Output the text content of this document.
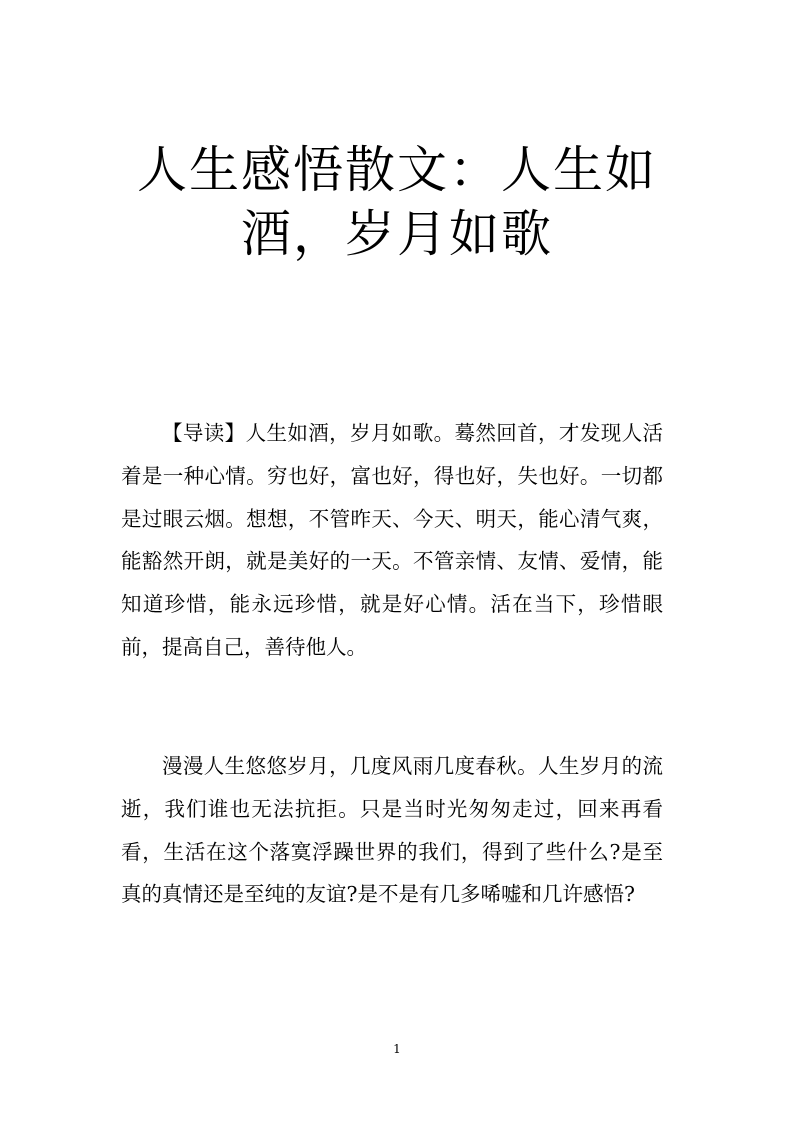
人生感悟散文：人生如
酒，岁月如歌

【导读】人生如酒，岁月如歌。蓦然回首，才发现人活着是一种心情。穷也好，富也好，得也好，失也好。一切都是过眼云烟。想想，不管昨天、今天、明天，能心清气爽，能豁然开朗，就是美好的一天。不管亲情、友情、爱情，能知道珍惜，能永远珍惜，就是好心情。活在当下，珍惜眼前，提高自己，善待他人。

漫漫人生悠悠岁月，几度风雨几度春秋。人生岁月的流逝，我们谁也无法抗拒。只是当时光匆匆走过，回来再看看，生活在这个落寞浮躁世界的我们，得到了些什么?是至真的真情还是至纯的友谊?是不是有几多唏嘘和几许感悟?

1
